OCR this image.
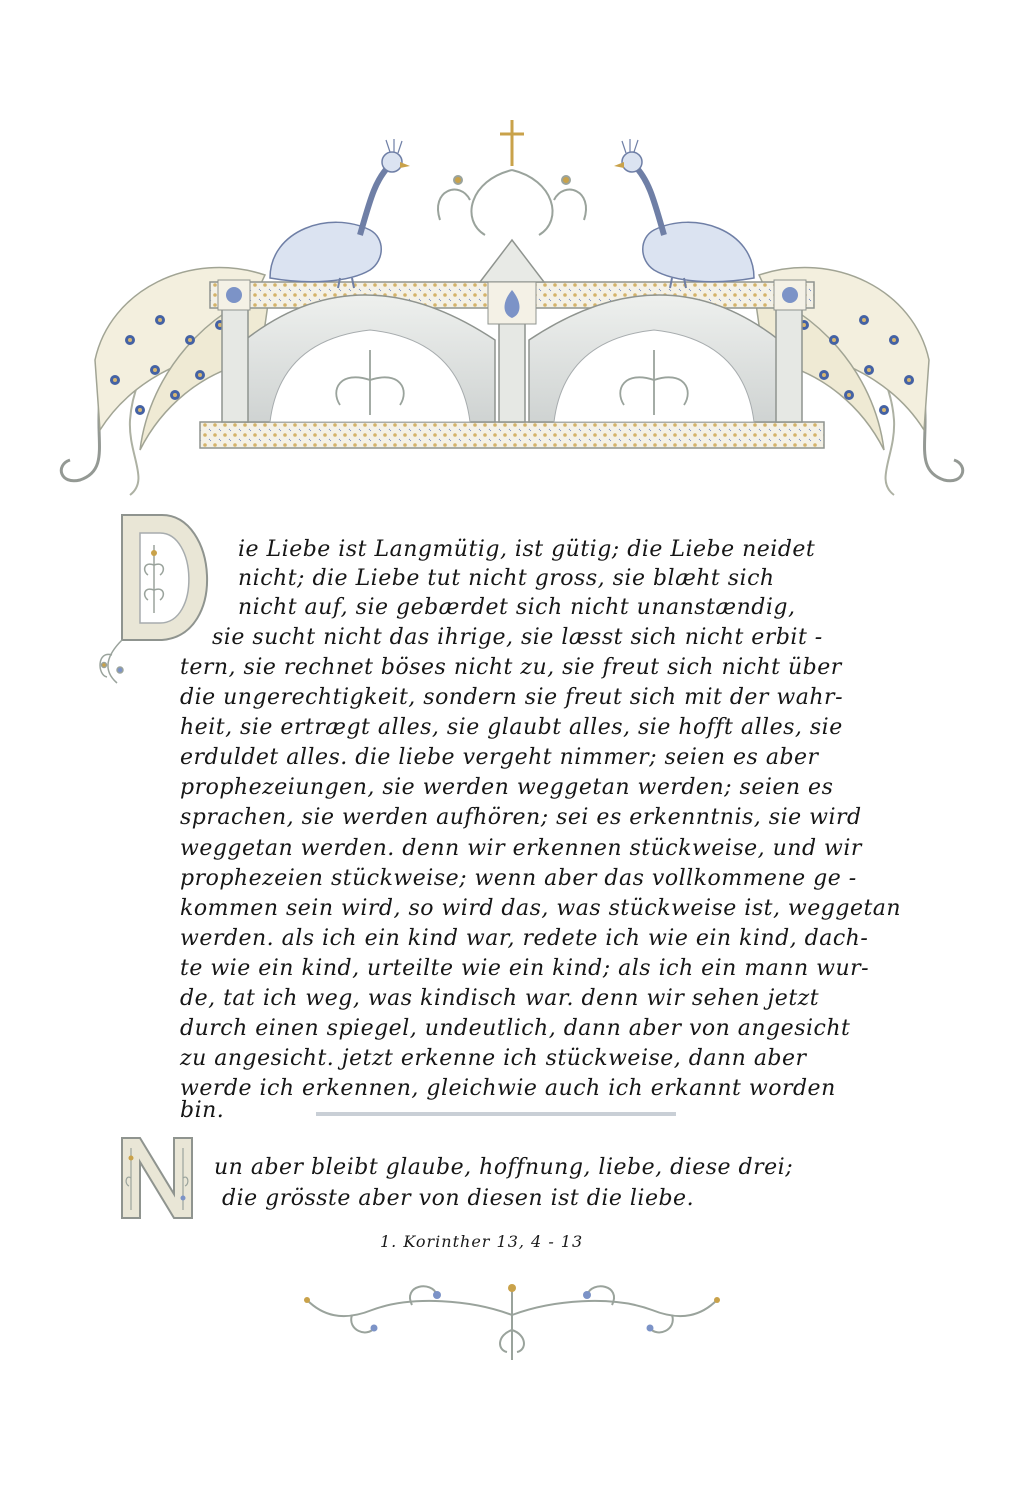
ie Liebe ist Langmütig, ist gütig; die Liebe neidet
nicht; die Liebe tut nicht gross, sie blæht sich
nicht auf, sie gebærdet sich nicht unanstændig,
sie sucht nicht das ihrige, sie læsst sich nicht erbit -
tern, sie rechnet böses nicht zu, sie freut sich nicht über
die ungerechtigkeit, sondern sie freut sich mit der wahr-
heit, sie ertrægt alles, sie glaubt alles, sie hofft alles, sie
erduldet alles. die liebe vergeht nimmer; seien es aber
prophezeiungen, sie werden weggetan werden; seien es
sprachen, sie werden aufhören; sei es erkenntnis, sie wird
weggetan werden. denn wir erkennen stückweise, und wir
prophezeien stückweise; wenn aber das vollkommene ge -
kommen sein wird, so wird das, was stückweise ist, weggetan
werden. als ich ein kind war, redete ich wie ein kind, dach-
te wie ein kind, urteilte wie ein kind; als ich ein mann wur-
de, tat ich weg, was kindisch war. denn wir sehen jetzt
durch einen spiegel, undeutlich, dann aber von angesicht
zu angesicht. jetzt erkenne ich stückweise, dann aber
werde ich erkennen, gleichwie auch ich erkannt worden
bin.
un aber bleibt glaube, hoffnung, liebe, diese drei;
die grösste aber von diesen ist die liebe.
1. Korinther 13, 4 - 13
